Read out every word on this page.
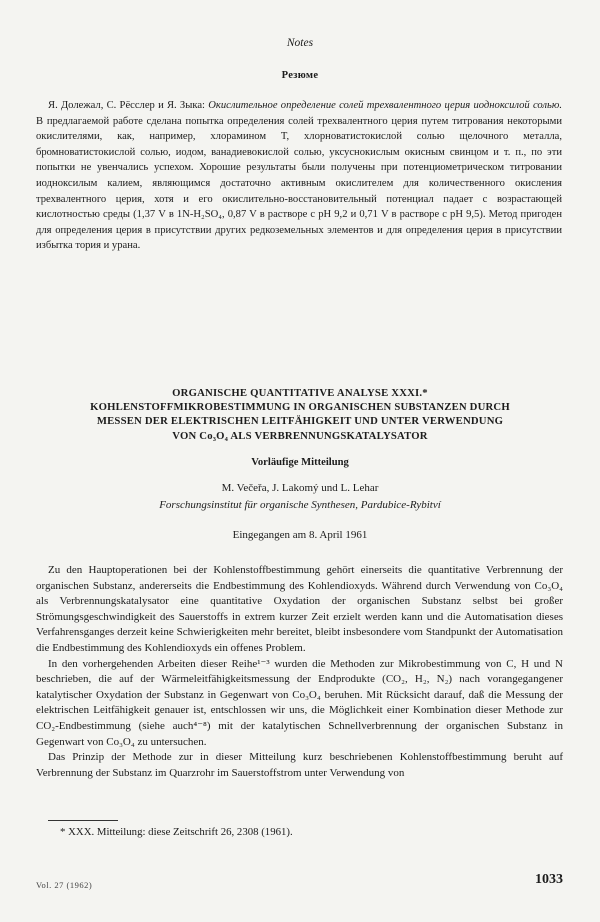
Notes
Резюме

Я. Долежал, С. Рёсслер и Я. Зыка: Окислительное определение солей трехвалентного церия иодноксилой солью. В предлагаемой работе сделана попытка определения солей трехвалентного церия путем титрования некоторыми окислителями, как, например, хлорамином T, хлорноватистокислой солью щелочного металла, бромноватистокислой солью, иодом, ванадиевокислой солью, уксуснокислым окисным свинцом и т. п., по эти попытки не увенчались успехом. Хорошие результаты были получены при потенциометрическом титровании иодноксилым калием, являющимся достаточно активным окислителем для количественного окисления трехвалентного церия, хотя и его окислительно-восстановительный потенциал падает с возрастающей кислотностью среды (1,37 V в 1N-H₂SO₄, 0,87 V в растворе с pH 9,2 и 0,71 V в растворе с pH 9,5). Метод пригоден для определения церия в присутствии других редкоземельных элементов и для определения церия в присутствии избытка тория и урана.

ORGANISCHE QUANTITATIVE ANALYSE XXXI.*
KOHLENSTOFFMIKROBESTIMMUNG IN ORGANISCHEN SUBSTANZEN DURCH
MESSEN DER ELEKTRISCHEN LEITFÄHIGKEIT UND UNTER VERWENDUNG
VON Co₃O₄ ALS VERBRENNUNGSKATALYSATOR
Vorläufige Mitteilung
M. Večeřa, J. Lakomý und L. Lehar
Forschungsinstitut für organische Synthesen, Pardubice-Rybitví
Eingegangen am 8. April 1961

Zu den Hauptoperationen bei der Kohlenstoffbestimmung gehört einerseits die quantitative Verbrennung der organischen Substanz, andererseits die Endbestimmung des Kohlendioxyds. Während durch Verwendung von Co₃O₄ als Verbrennungskatalysator eine quantitative Oxydation der organischen Substanz selbst bei großer Strömungsgeschwindigkeit des Sauerstoffs in extrem kurzer Zeit erzielt werden kann und die Automatisation dieses Verfahrensganges derzeit keine Schwierigkeiten mehr bereitet, bleibt insbesondere vom Standpunkt der Automatisation die Endbestimmung des Kohlendioxyds ein offenes Problem.

In den vorhergehenden Arbeiten dieser Reihe¹⁻³ wurden die Methoden zur Mikrobestimmung von C, H und N beschrieben, die auf der Wärmeleitfähigkeitsmessung der Endprodukte (CO₂, H₂, N₂) nach vorangegangener katalytischer Oxydation der Substanz in Gegenwart von Co₃O₄ beruhen. Mit Rücksicht darauf, daß die Messung der elektrischen Leitfähigkeit genauer ist, entschlossen wir uns, die Möglichkeit einer Kombination dieser Methode zur CO₂-Endbestimmung (siehe auch⁴⁻⁸) mit der katalytischen Schnellverbrennung der organischen Substanz in Gegenwart von Co₃O₄ zu untersuchen.

Das Prinzip der Methode zur in dieser Mitteilung kurz beschriebenen Kohlenstoffbestimmung beruht auf Verbrennung der Substanz im Quarzrohr im Sauerstoffstrom unter Verwendung von

* XXX. Mitteilung: diese Zeitschrift 26, 2308 (1961).
Vol. 27 (1962)	1033
